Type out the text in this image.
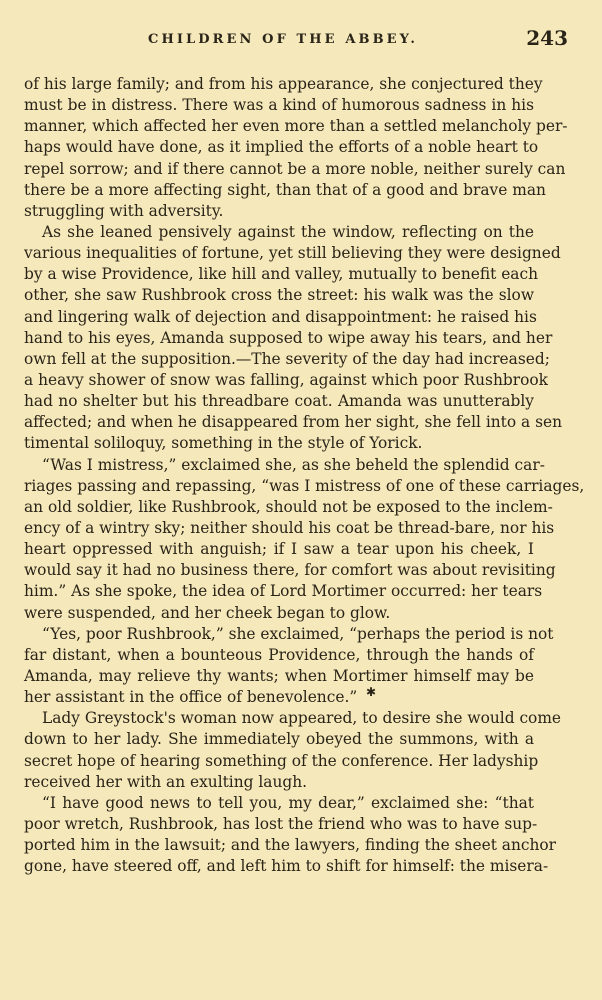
CHILDREN OF THE ABBEY.	243
of his large family; and from his appearance, she conjectured they
must be in distress. There was a kind of humorous sadness in his
manner, which affected her even more than a settled melancholy per-
haps would have done, as it implied the efforts of a noble heart to
repel sorrow; and if there cannot be a more noble, neither surely can
there be a more affecting sight, than that of a good and brave man
struggling with adversity.
As she leaned pensively against the window, reflecting on the
various inequalities of fortune, yet still believing they were designed
by a wise Providence, like hill and valley, mutually to benefit each
other, she saw Rushbrook cross the street: his walk was the slow
and lingering walk of dejection and disappointment: he raised his
hand to his eyes, Amanda supposed to wipe away his tears, and her
own fell at the supposition.—The severity of the day had increased;
a heavy shower of snow was falling, against which poor Rushbrook
had no shelter but his threadbare coat. Amanda was unutterably
affected; and when he disappeared from her sight, she fell into a sen
timental soliloquy, something in the style of Yorick.
“Was I mistress,” exclaimed she, as she beheld the splendid car-
riages passing and repassing, “was I mistress of one of these carriages,
an old soldier, like Rushbrook, should not be exposed to the inclem-
ency of a wintry sky; neither should his coat be thread-bare, nor his
heart oppressed with anguish; if I saw a tear upon his cheek, I
would say it had no business there, for comfort was about revisiting
him.” As she spoke, the idea of Lord Mortimer occurred: her tears
were suspended, and her cheek began to glow.
“Yes, poor Rushbrook,” she exclaimed, “perhaps the period is not
far distant, when a bounteous Providence, through the hands of
Amanda, may relieve thy wants; when Mortimer himself may be
her assistant in the office of benevolence.”
Lady Greystock's woman now appeared, to desire she would come
down to her lady. She immediately obeyed the summons, with a
secret hope of hearing something of the conference. Her ladyship
received her with an exulting laugh.
“I have good news to tell you, my dear,” exclaimed she: “that
poor wretch, Rushbrook, has lost the friend who was to have sup-
ported him in the lawsuit; and the lawyers, finding the sheet anchor
gone, have steered off, and left him to shift for himself: the misera-
✱
